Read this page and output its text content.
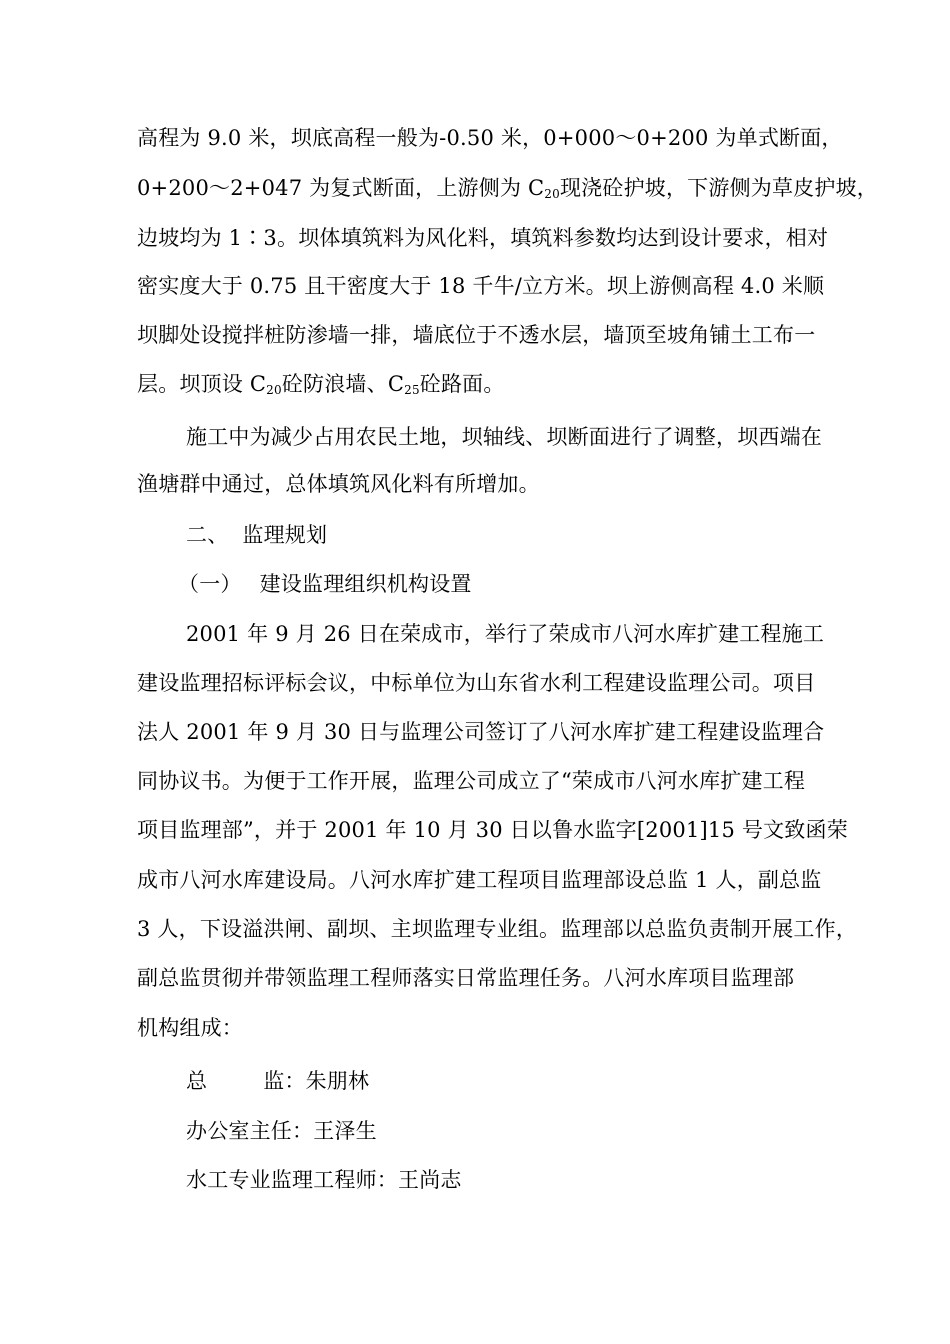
高程为 9.0 米，坝底高程一般为-0.50 米，0+000～0+200 为单式断面，
0+200～2+047 为复式断面，上游侧为 $C_{20}$现浇砼护坡，下游侧为草皮护坡，
边坡均为 1∶3。坝体填筑料为风化料，填筑料参数均达到设计要求，相对
密实度大于 0.75 且干密度大于 18 千牛/立方米。坝上游侧高程 4.0 米顺
坝脚处设搅拌桩防渗墙一排，墙底位于不透水层，墙顶至坡角铺土工布一
层。坝顶设 $C_{20}$砼防浪墙、$C_{25}$砼路面。
施工中为减少占用农民土地，坝轴线、坝断面进行了调整，坝西端在
渔塘群中通过，总体填筑风化料有所增加。
二、 监理规划
（一） 建设监理组织机构设置
2001 年 9 月 26 日在荣成市，举行了荣成市八河水库扩建工程施工
建设监理招标评标会议，中标单位为山东省水利工程建设监理公司。项目
法人 2001 年 9 月 30 日与监理公司签订了八河水库扩建工程建设监理合
同协议书。为便于工作开展，监理公司成立了“荣成市八河水库扩建工程
项目监理部”，并于 2001 年 10 月 30 日以鲁水监字[2001]15 号文致函荣
成市八河水库建设局。八河水库扩建工程项目监理部设总监 1 人，副总监
3 人，下设溢洪闸、副坝、主坝监理专业组。监理部以总监负责制开展工作，
副总监贯彻并带领监理工程师落实日常监理任务。八河水库项目监理部
机构组成：
总	监：朱朋林
办公室主任：王泽生
水工专业监理工程师：王尚志
